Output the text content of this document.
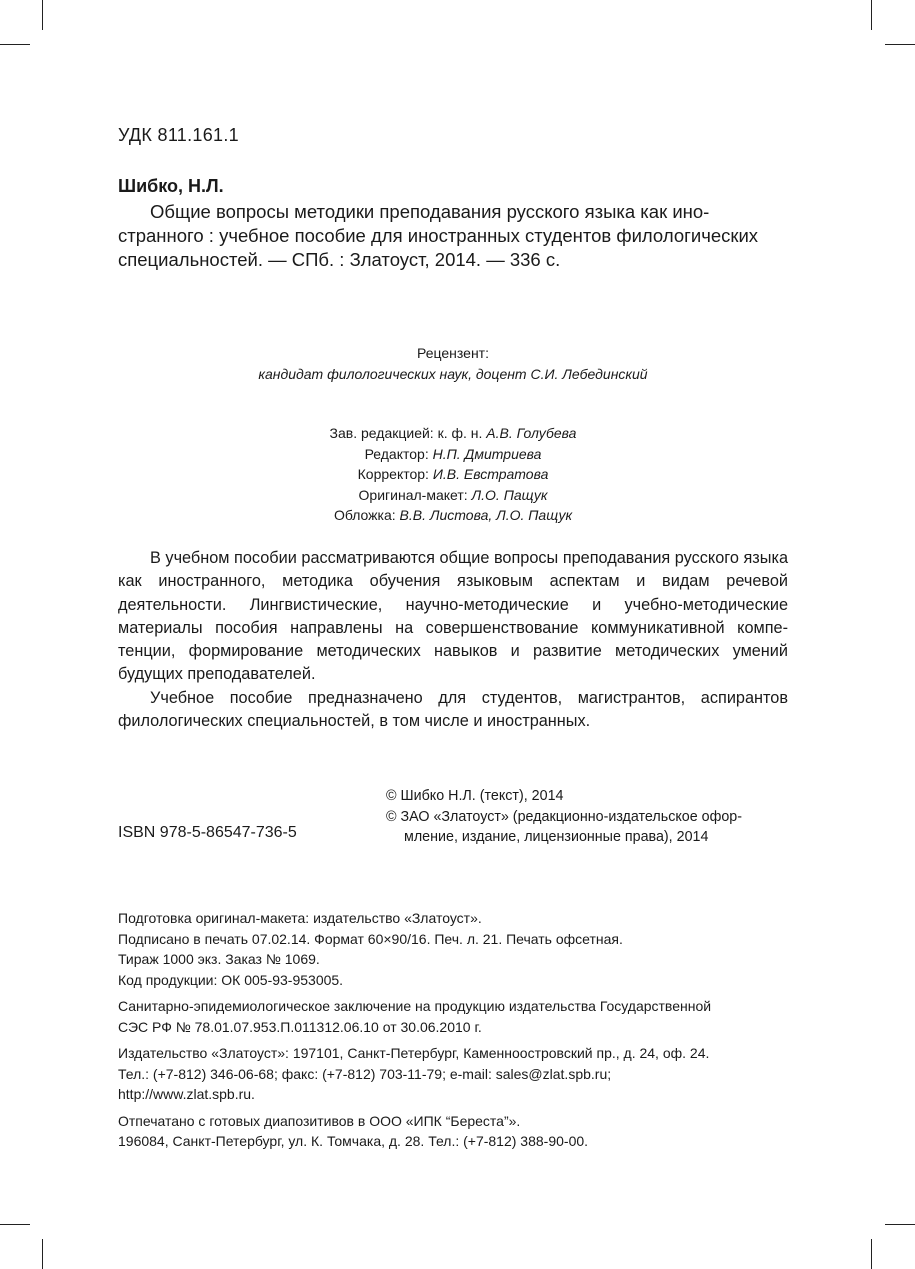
УДК 811.161.1
Шибко, Н.Л.
Общие вопросы методики преподавания русского языка как ино-
странного : учебное пособие для иностранных студентов филологических
специальностей. — СПб. : Златоуст, 2014. — 336 с.
Рецензент:
кандидат филологических наук, доцент С.И. Лебединский
Зав. редакцией: к. ф. н. А.В. Голубева
Редактор: Н.П. Дмитриева
Корректор: И.В. Евстратова
Оригинал-макет: Л.О. Пащук
Обложка: В.В. Листова, Л.О. Пащук

В учебном пособии рассматриваются общие вопросы преподавания русского языка как иностранного, методика обучения языковым аспектам и видам речевой деятельности. Лингвистические, научно-методические и учебно-методические материалы пособия направлены на совершенствование коммуникативной компе-тенции, формирование методических навыков и развитие методических умений будущих преподавателей.

Учебное пособие предназначено для студентов, магистрантов, аспирантов филологических специальностей, в том числе и иностранных.

ISBN 978-5-86547-736-5
© Шибко Н.Л. (текст), 2014
© ЗАО «Златоуст» (редакционно-издательское офор-мление, издание, лицензионные права), 2014
Подготовка оригинал-макета: издательство «Златоуст».
Подписано в печать 07.02.14. Формат 60×90/16. Печ. л. 21. Печать офсетная.
Тираж 1000 экз. Заказ № 1069.
Код продукции: ОК 005-93-953005.
Санитарно-эпидемиологическое заключение на продукцию издательства Государственной
СЭС РФ № 78.01.07.953.П.011312.06.10 от 30.06.2010 г.
Издательство «Златоуст»: 197101, Санкт-Петербург, Каменноостровский пр., д. 24, оф. 24.
Тел.: (+7-812) 346-06-68; факс: (+7-812) 703-11-79; e-mail: sales@zlat.spb.ru;
http://www.zlat.spb.ru.
Отпечатано с готовых диапозитивов в ООО «ИПК “Береста”».
196084, Санкт-Петербург, ул. К. Томчака, д. 28. Тел.: (+7-812) 388-90-00.
